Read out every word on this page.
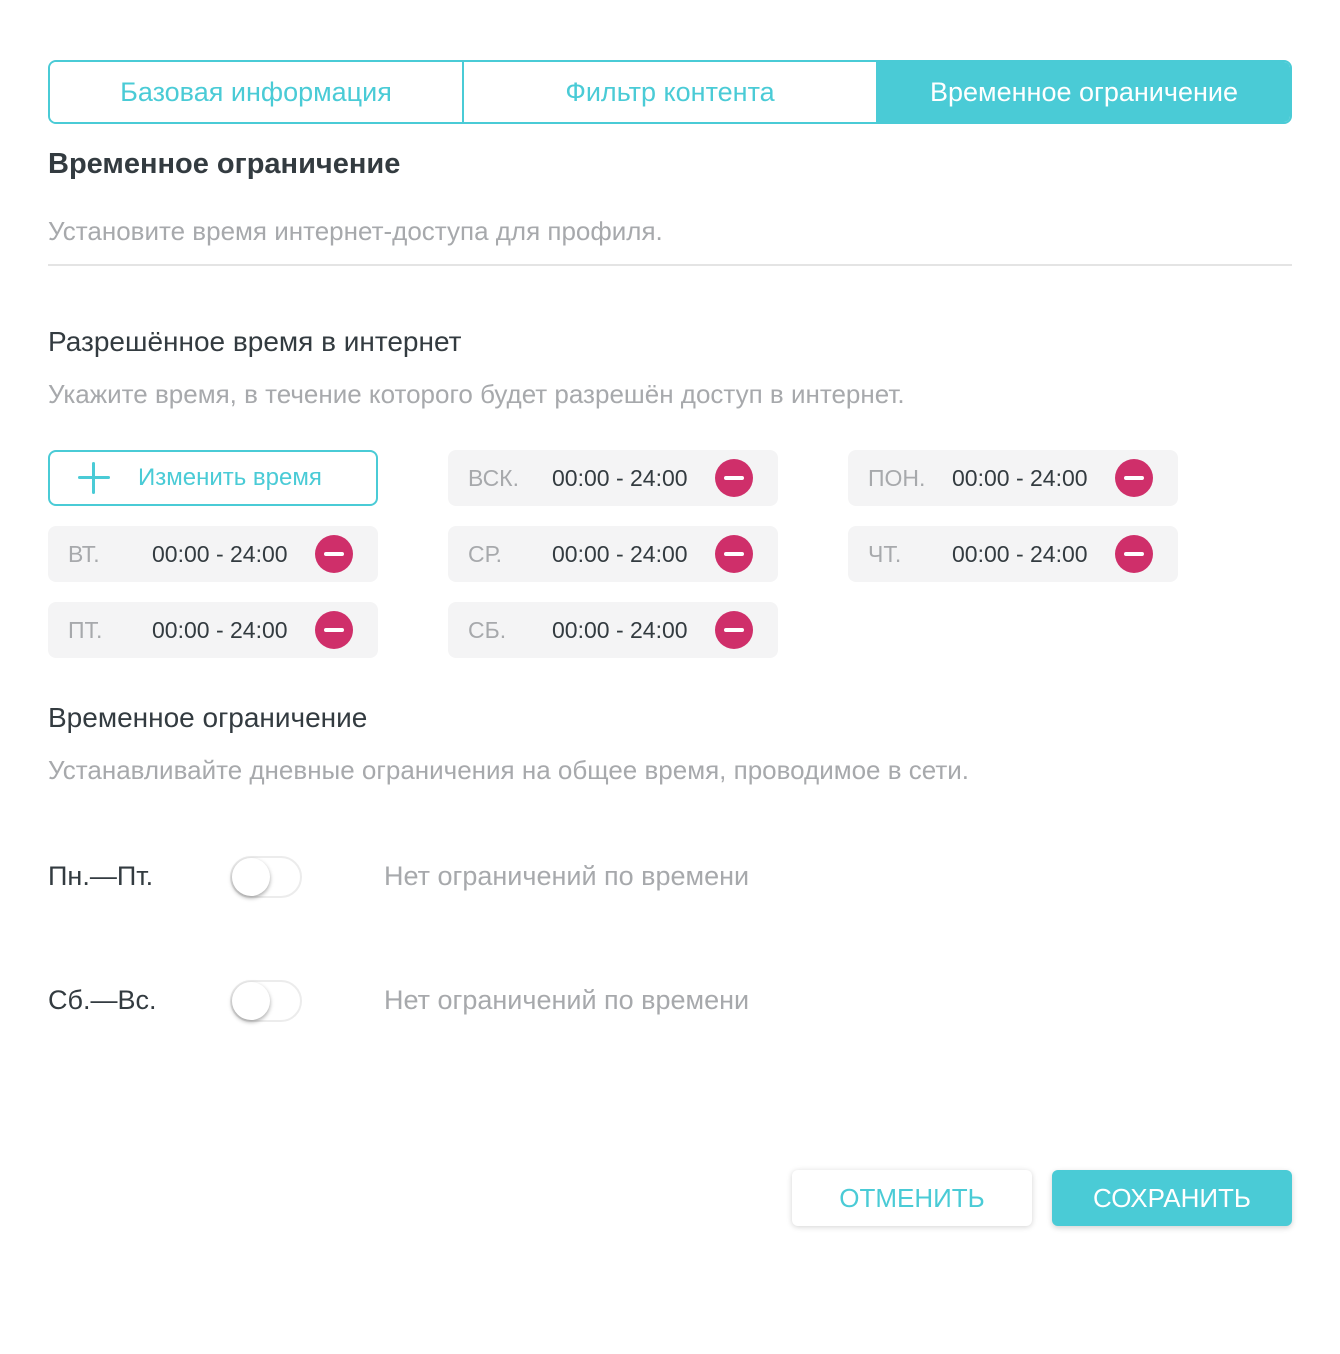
Базовая информация	Фильтр контента	Временное ограничение
Временное ограничение
Установите время интернет-доступа для профиля.
Разрешённое время в интернет
Укажите время, в течение которого будет разрешён доступ в интернет.
Изменить время	ВСК.	00:00 - 24:00	ПОН.	00:00 - 24:00
ВТ.	00:00 - 24:00	СР.	00:00 - 24:00	ЧТ.	00:00 - 24:00
ПТ.	00:00 - 24:00	СБ.	00:00 - 24:00
Временное ограничение
Устанавливайте дневные ограничения на общее время, проводимое в сети.
Пн.—Пт.	Нет ограничений по времени
Сб.—Вс.	Нет ограничений по времени
ОТМЕНИТЬ	СОХРАНИТЬ
